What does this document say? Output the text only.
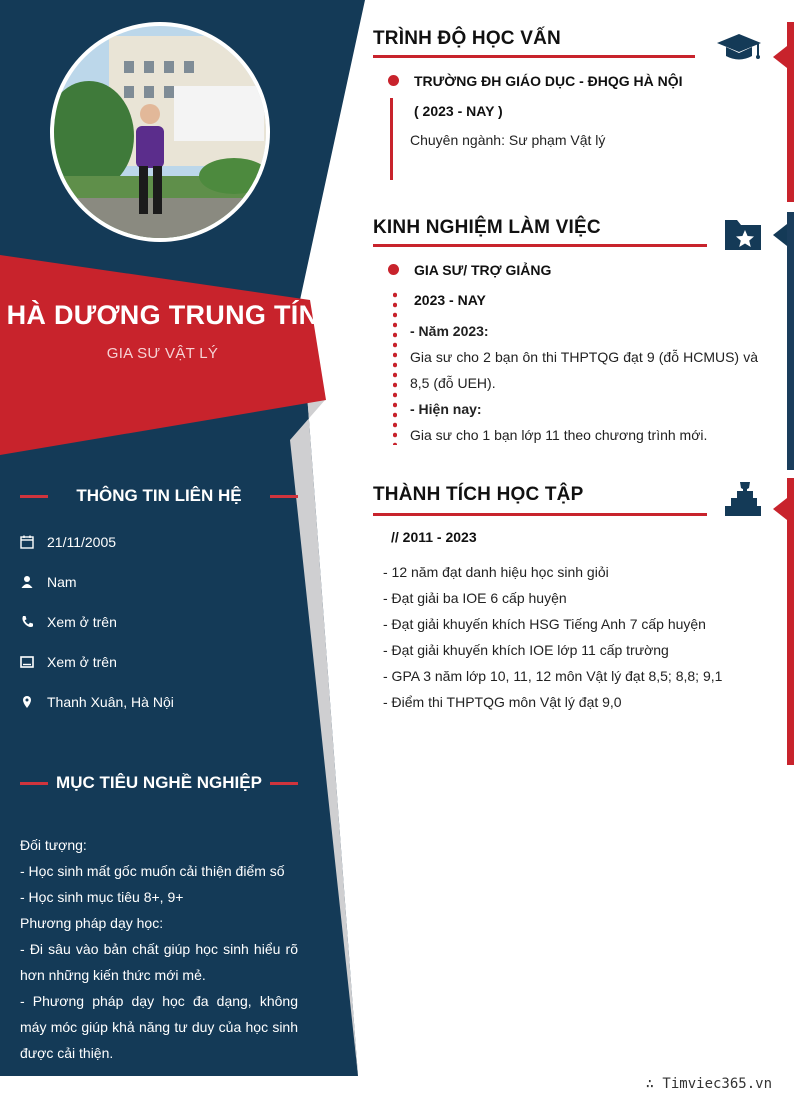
HÀ DƯƠNG TRUNG TÍN
GIA SƯ VẬT LÝ
THÔNG TIN LIÊN HỆ
21/11/2005
Nam
Xem ở trên
Xem ở trên
Thanh Xuân, Hà Nội
MỤC TIÊU NGHỀ NGHIỆP

Đối tượng:

- Học sinh mất gốc muốn cải thiện điểm số

- Học sinh mục tiêu 8+, 9+

Phương pháp dạy học:

- Đi sâu vào bản chất giúp học sinh hiểu rõ hơn những kiến thức mới mẻ.

- Phương pháp dạy học đa dạng, không máy móc giúp khả năng tư duy của học sinh được cải thiện.

TRÌNH ĐỘ HỌC VẤN
TRƯỜNG ĐH GIÁO DỤC - ĐHQG HÀ NỘI
( 2023 - NAY )
Chuyên ngành: Sư phạm Vật lý
KINH NGHIỆM LÀM VIỆC
GIA SƯ/ TRỢ GIẢNG
2023 - NAY

- Năm 2023:

Gia sư cho 2 bạn ôn thi THPTQG đạt 9 (đỗ HCMUS) và 8,5 (đỗ UEH).

- Hiện nay:

Gia sư cho 1 bạn lớp 11 theo chương trình mới.

THÀNH TÍCH HỌC TẬP
// 2011 - 2023
- 12 năm đạt danh hiệu học sinh giỏi
- Đạt giải ba IOE 6 cấp huyện
- Đạt giải khuyến khích HSG Tiếng Anh 7 cấp huyện
- Đạt giải khuyến khích IOE lớp 11 cấp trường
- GPA 3 năm lớp 10, 11, 12 môn Vật lý đạt 8,5; 8,8; 9,1
- Điểm thi THPTQG môn Vật lý đạt 9,0
∴ Timviec365.vn
